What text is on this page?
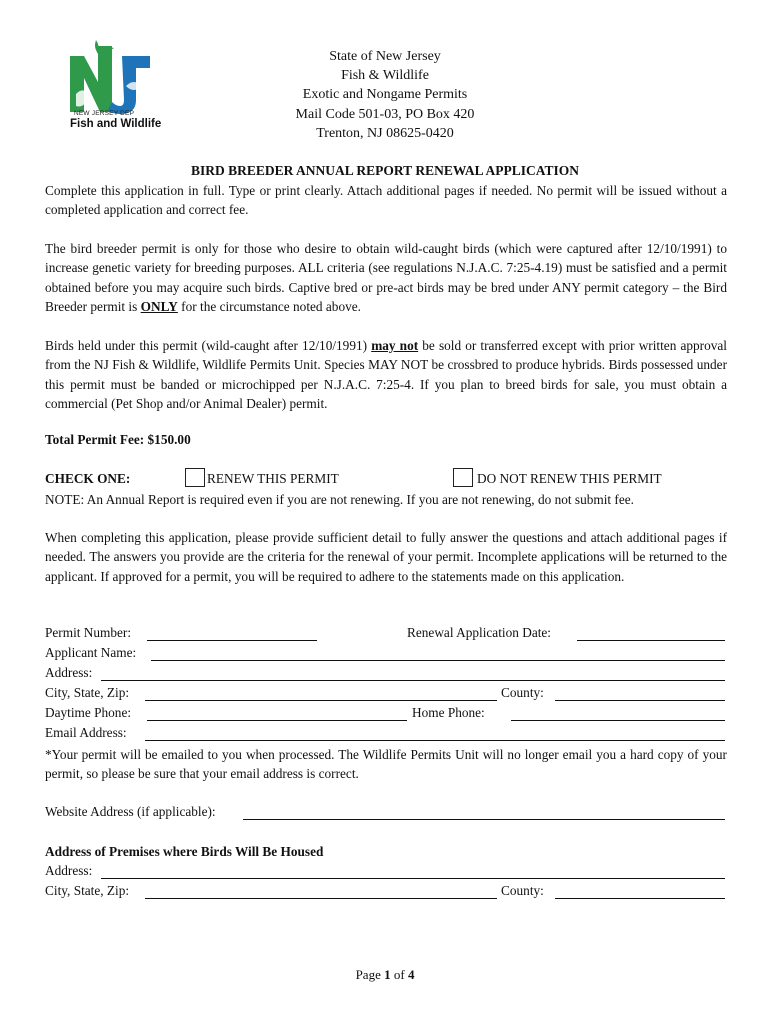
NEW JERSEY DEP
Fish and Wildlife
State of New Jersey
Fish & Wildlife
Exotic and Nongame Permits
Mail Code 501-03, PO Box 420
Trenton, NJ 08625-0420
BIRD BREEDER ANNUAL REPORT RENEWAL APPLICATION
Complete this application in full. Type or print clearly. Attach additional pages if needed. No permit will be issued without a completed application and correct fee.
The bird breeder permit is only for those who desire to obtain wild-caught birds (which were captured after 12/10/1991) to increase genetic variety for breeding purposes. ALL criteria (see regulations N.J.A.C. 7:25-4.19) must be satisfied and a permit obtained before you may acquire such birds. Captive bred or pre-act birds may be bred under ANY permit category – the Bird Breeder permit is ONLY for the circumstance noted above.
Birds held under this permit (wild-caught after 12/10/1991) may not be sold or transferred except with prior written approval from the NJ Fish & Wildlife, Wildlife Permits Unit. Species MAY NOT be crossbred to produce hybrids. Birds possessed under this permit must be banded or microchipped per N.J.A.C. 7:25-4. If you plan to breed birds for sale, you must obtain a commercial (Pet Shop and/or Animal Dealer) permit.
Total Permit Fee: $150.00
CHECK ONE:	RENEW THIS PERMIT	DO NOT RENEW THIS PERMIT
NOTE: An Annual Report is required even if you are not renewing. If you are not renewing, do not submit fee.
When completing this application, please provide sufficient detail to fully answer the questions and attach additional pages if needed. The answers you provide are the criteria for the renewal of your permit. Incomplete applications will be returned to the applicant. If approved for a permit, you will be required to adhere to the statements made on this application.
Permit Number:	Renewal Application Date:
Applicant Name:
Address:
City, State, Zip:	County:
Daytime Phone:	Home Phone:
Email Address:
*Your permit will be emailed to you when processed. The Wildlife Permits Unit will no longer email you a hard copy of your permit, so please be sure that your email address is correct.
Website Address (if applicable):
Address of Premises where Birds Will Be Housed
Address:
City, State, Zip:	County:
Page 1 of 4
